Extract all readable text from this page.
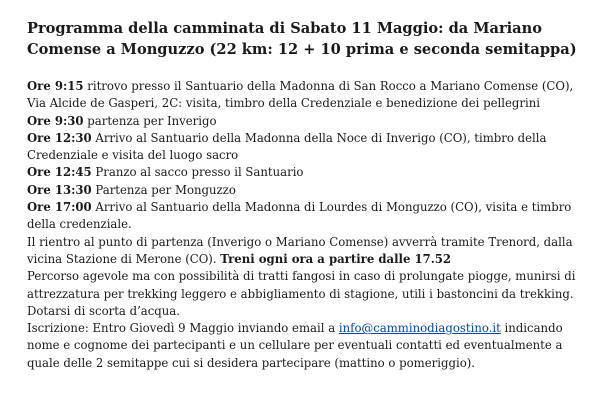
Programma della camminata di Sabato 11 Maggio: da Mariano Comense a Monguzzo (22 km: 12 + 10 prima e seconda semitappa)

Ore 9:15 ritrovo presso il Santuario della Madonna di San Rocco a Mariano Comense (CO), Via Alcide de Gasperi, 2C: visita, timbro della Credenziale e benedizione dei pellegrini

Ore 9:30 partenza per Inverigo

Ore 12:30 Arrivo al Santuario della Madonna della Noce di Inverigo (CO), timbro della Credenziale e visita del luogo sacro

Ore 12:45 Pranzo al sacco presso il Santuario

Ore 13:30 Partenza per Monguzzo

Ore 17:00 Arrivo al Santuario della Madonna di Lourdes di Monguzzo (CO), visita e timbro della credenziale.

Il rientro al punto di partenza (Inverigo o Mariano Comense) avverrà tramite Trenord, dalla vicina Stazione di Merone (CO). Treni ogni ora a partire dalle 17.52

Percorso agevole ma con possibilità di tratti fangosi in caso di prolungate piogge, munirsi di attrezzatura per trekking leggero e abbigliamento di stagione, utili i bastoncini da trekking. Dotarsi di scorta d’acqua.

Iscrizione: Entro Giovedì 9 Maggio inviando email a info@camminodiagostino.it indicando nome e cognome dei partecipanti e un cellulare per eventuali contatti ed eventualmente a quale delle 2 semitappe cui si desidera partecipare (mattino o pomeriggio).
